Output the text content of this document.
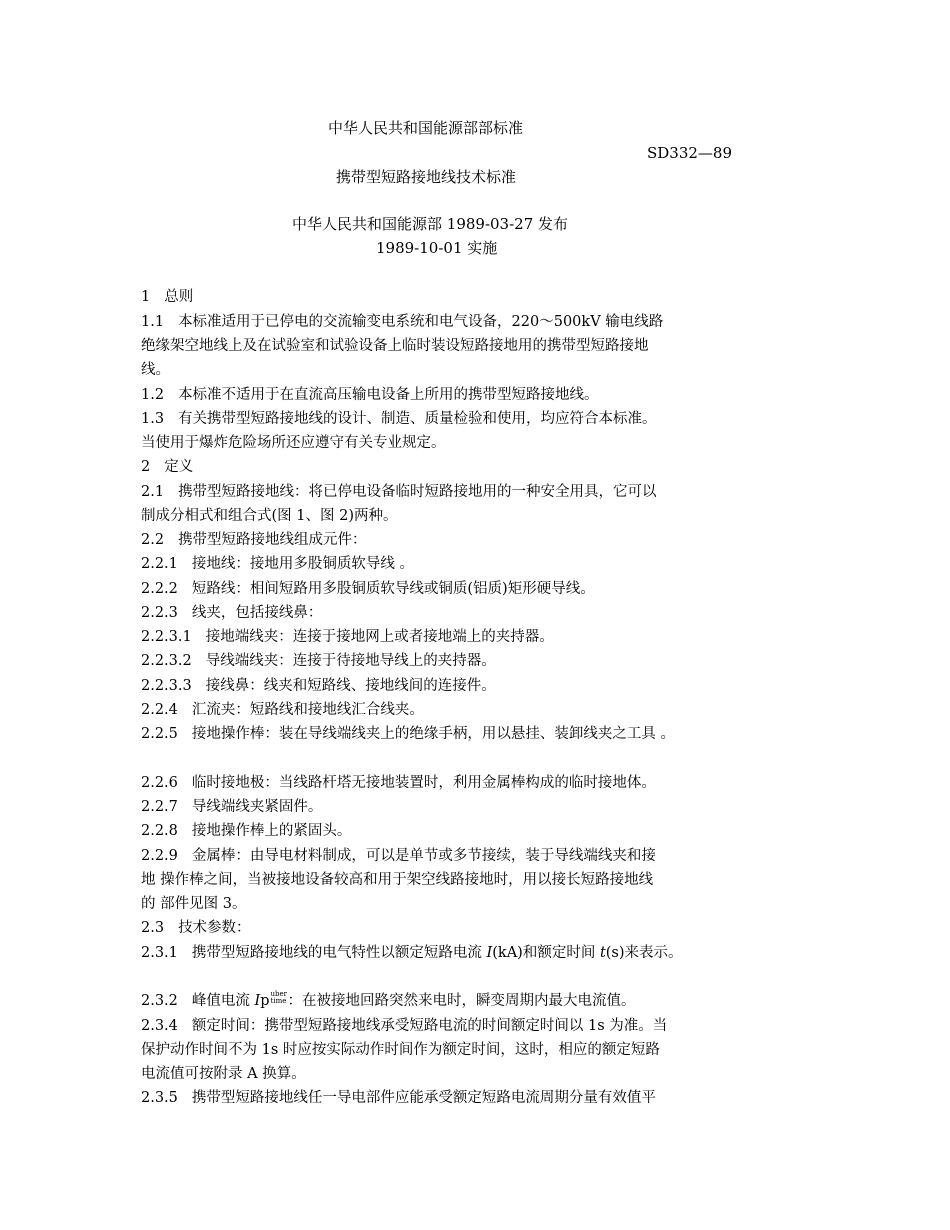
中华人民共和国能源部部标准
SD332—89
携带型短路接地线技术标准
中华人民共和国能源部 1989-03-27 发布
1989-10-01 实施
1 总则
1.1 本标准适用于已停电的交流输变电系统和电气设备，220～500kV 输电线路
绝缘架空地线上及在试验室和试验设备上临时装设短路接地用的携带型短路接地
线。
1.2 本标准不适用于在直流高压输电设备上所用的携带型短路接地线。
1.3 有关携带型短路接地线的设计、制造、质量检验和使用，均应符合本标准。
当使用于爆炸危险场所还应遵守有关专业规定。
2 定义
2.1 携带型短路接地线：将已停电设备临时短路接地用的一种安全用具，它可以
制成分相式和组合式(图 1、图 2)两种。
2.2 携带型短路接地线组成元件：
2.2.1 接地线：接地用多股铜质软导线 。
2.2.2 短路线：相间短路用多股铜质软导线或铜质(铝质)矩形硬导线。
2.2.3 线夹，包括接线鼻：
2.2.3.1 接地端线夹：连接于接地网上或者接地端上的夹持器。
2.2.3.2 导线端线夹：连接于待接地导线上的夹持器。
2.2.3.3 接线鼻：线夹和短路线、接地线间的连接件。
2.2.4 汇流夹：短路线和接地线汇合线夹。
2.2.5 接地操作棒：装在导线端线夹上的绝缘手柄，用以悬挂、装卸线夹之工具 。
2.2.6 临时接地极：当线路杆塔无接地装置时，利用金属棒构成的临时接地体。
2.2.7 导线端线夹紧固件。
2.2.8 接地操作棒上的紧固头。
2.2.9 金属棒：由导电材料制成，可以是单节或多节接续，装于导线端线夹和接
地 操作棒之间，当被接地设备较高和用于架空线路接地时，用以接长短路接地线
的 部件见图 3。
2.3 技术参数：
2.3.1 携带型短路接地线的电气特性以额定短路电流 I(kA)和额定时间 t(s)来表示。
2.3.2 峰值电流 Ip uber
time ：在被接地回路突然来电时，瞬变周期内最大电流值。
2.3.4 额定时间：携带型短路接地线承受短路电流的时间额定时间以 1s 为准。当
保护动作时间不为 1s 时应按实际动作时间作为额定时间，这时，相应的额定短路
电流值可按附录 A 换算。
2.3.5 携带型短路接地线任一导电部件应能承受额定短路电流周期分量有效值平
